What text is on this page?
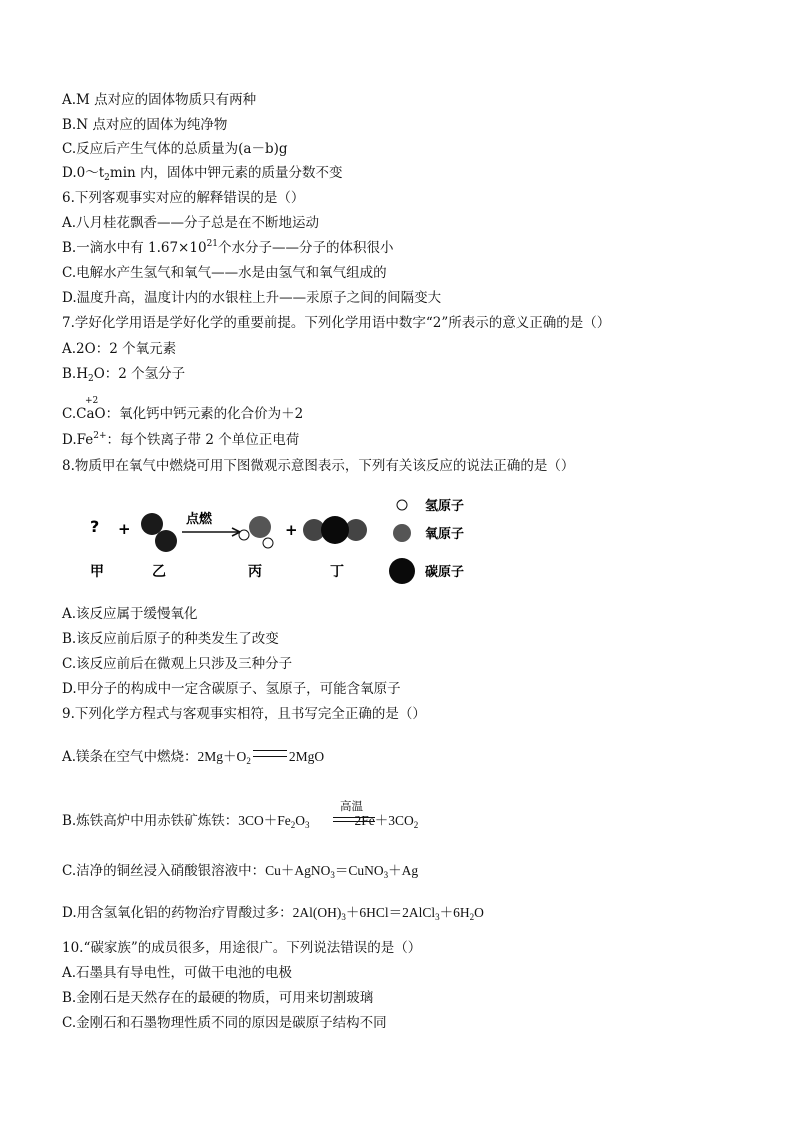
A.M 点对应的固体物质只有两种
B.N 点对应的固体为纯净物
C.反应后产生气体的总质量为(a－b)g
$D.0\sim t_2\min$ 内，固体中钾元素的质量分数不变
6.下列客观事实对应的解释错误的是（）
A.八月桂花飘香——分子总是在不断地运动
B.一滴水中有 $1.67\times 10^{21}$个水分子——分子的体积很小
C.电解水产生氢气和氧气——水是由氢气和氧气组成的
D.温度升高，温度计内的水银柱上升——汞原子之间的间隔变大
7.学好化学用语是学好化学的重要前提。下列化学用语中数字“2”所表示的意义正确的是（）
A.2O：2 个氧元素
$B.H_2O$：2 个氢分子
+2
C.CaO：氧化钙中钙元素的化合价为＋2
$D.Fe^{2+}$：每个铁离子带 2 个单位正电荷
8.物质甲在氧气中燃烧可用下图微观示意图表示，下列有关该反应的说法正确的是（）
? +
点燃
+
甲	乙	丙	丁
氢原子
氧原子
碳原子
A.该反应属于缓慢氧化
B.该反应前后原子的种类发生了改变
C.该反应前后在微观上只涉及三种分子
D.甲分子的构成中一定含碳原子、氢原子，可能含氧原子
9.下列化学方程式与客观事实相符，且书写完全正确的是（）
A.镁条在空气中燃烧：$2Mg+O_2$	2MgO
高温
B.炼铁高炉中用赤铁矿炼铁：$3CO+Fe_2O_3$	$2Fe+3CO_2$
C.洁净的铜丝浸入硝酸银溶液中：Cu＋AgNO$_3$＝CuNO$_3$＋Ag
D.用含氢氧化铝的药物治疗胃酸过多：$2Al(OH)_3+6HCl=2AlCl_3+6H_2O$
10.“碳家族”的成员很多，用途很广。下列说法错误的是（）
A.石墨具有导电性，可做干电池的电极
B.金刚石是天然存在的最硬的物质，可用来切割玻璃
C.金刚石和石墨物理性质不同的原因是碳原子结构不同
